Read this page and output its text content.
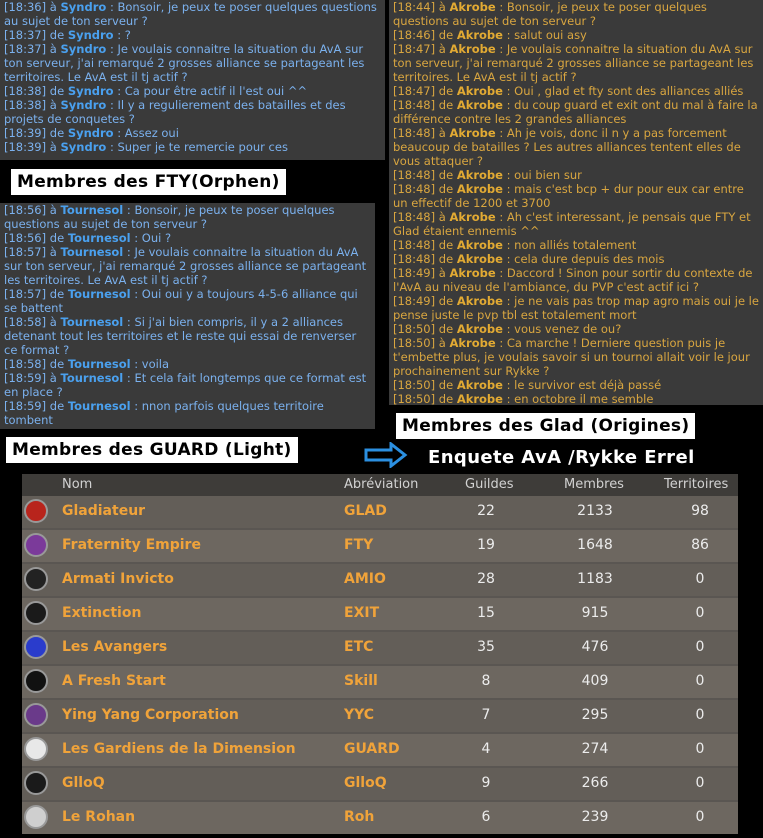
[18:36] à Syndro : Bonsoir, je peux te poser quelques questions au sujet de ton serveur ?
[18:37] de Syndro : ?
[18:37] à Syndro : Je voulais connaitre la situation du AvA sur ton serveur, j'ai remarqué 2 grosses alliance se partageant les territoires. Le AvA est il tj actif ?
[18:38] de Syndro : Ca pour être actif il l'est oui ^^
[18:38] à Syndro : Il y a regulierement des batailles et des projets de conquetes ?
[18:39] de Syndro : Assez oui
[18:39] à Syndro : Super je te remercie pour ces
[18:56] à Tournesol : Bonsoir, je peux te poser quelques questions au sujet de ton serveur ?
[18:56] de Tournesol : Oui ?
[18:57] à Tournesol : Je voulais connaitre la situation du AvA sur ton serveur, j'ai remarqué 2 grosses alliance se partageant les territoires. Le AvA est il tj actif ?
[18:57] de Tournesol : Oui oui y a toujours 4-5-6 alliance qui se battent
[18:58] à Tournesol : Si j'ai bien compris, il y a 2 alliances detenant tout les territoires et le reste qui essai de renverser ce format ?
[18:58] de Tournesol : voila
[18:59] à Tournesol : Et cela fait longtemps que ce format est en place ?
[18:59] de Tournesol : nnon parfois quelques territoire tombent
[18:44] à Akrobe : Bonsoir, je peux te poser quelques questions au sujet de ton serveur ?
[18:46] de Akrobe : salut oui asy
[18:47] à Akrobe : Je voulais connaitre la situation du AvA sur ton serveur, j'ai remarqué 2 grosses alliance se partageant les territoires. Le AvA est il tj actif ?
[18:47] de Akrobe : Oui , glad et fty sont des alliances alliés
[18:48] de Akrobe : du coup guard et exit ont du mal à faire la différence contre les 2 grandes alliances
[18:48] à Akrobe : Ah je vois, donc il n y a pas forcement beaucoup de batailles ? Les autres alliances tentent elles de vous attaquer ?
[18:48] de Akrobe : oui bien sur
[18:48] de Akrobe : mais c'est bcp + dur pour eux car entre un effectif de 1200 et 3700
[18:48] à Akrobe : Ah c'est interessant, je pensais que FTY et Glad étaient ennemis ^^
[18:48] de Akrobe : non alliés totalement
[18:48] de Akrobe : cela dure depuis des mois
[18:49] à Akrobe : Daccord ! Sinon pour sortir du contexte de l'AvA au niveau de l'ambiance, du PVP c'est actif ici ?
[18:49] de Akrobe : je ne vais pas trop map agro mais oui je le pense juste le pvp tbl est totalement mort
[18:50] de Akrobe : vous venez de ou?
[18:50] à Akrobe : Ca marche ! Derniere question puis je t'embette plus, je voulais savoir si un tournoi allait voir le jour prochainement sur Rykke ?
[18:50] de Akrobe : le survivor est déjà passé
[18:50] de Akrobe : en octobre il me semble
Membres des FTY(Orphen)
Membres des Glad (Origines)
Membres des GUARD (Light)	Enquete AvA /Rykke Errel
Nom	Abréviation	Guildes	Membres	Territoires
Gladiateur	GLAD	22	2133	98
Fraternity Empire	FTY	19	1648	86
Armati Invicto	AMIO	28	1183	0
Extinction	EXIT	15	915	0
Les Avangers	ETC	35	476	0
A Fresh Start	Skill	8	409	0
Ying Yang Corporation	YYC	7	295	0
Les Gardiens de la Dimension	GUARD	4	274	0
GlloQ	GlloQ	9	266	0
Le Rohan	Roh	6	239	0
